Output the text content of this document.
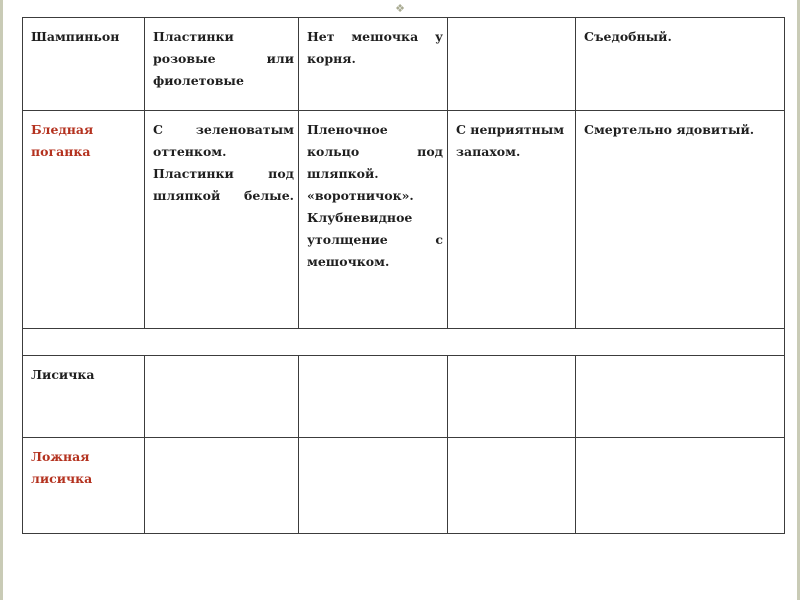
❖
Шампиньон	Пластинки розовые или фиолетовые	Нет мешочка у корня.		Съедобный.
Бледная поганка	С зеленоватым оттенком. Пластинки под шляпкой белые.	Пленочное кольцо под шляпкой. «воротничок». Клубневидное утолщение с мешочком.	С неприятным запахом.	Смертельно ядовитый.

Лисичка				
Ложная лисичка				
